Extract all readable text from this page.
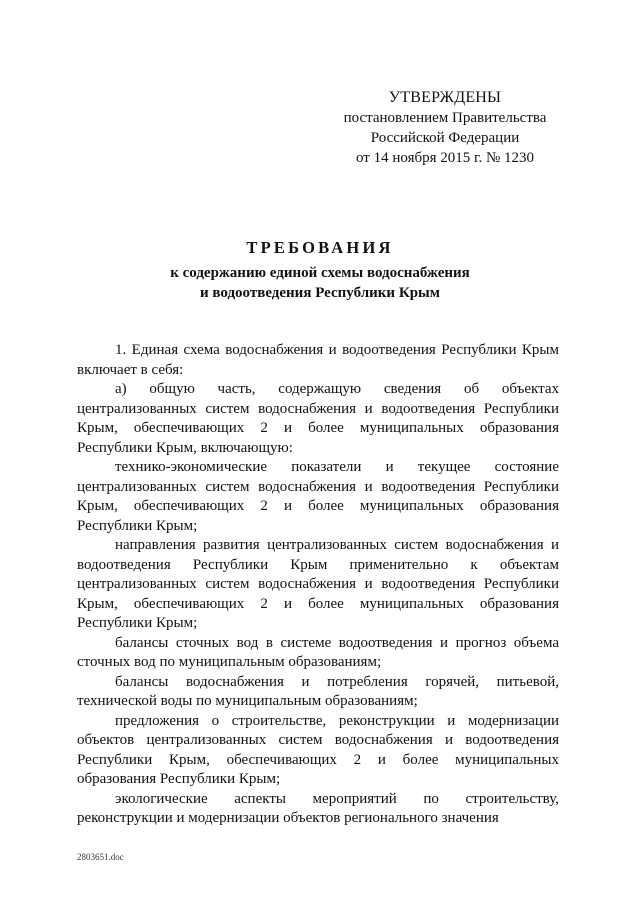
УТВЕРЖДЕНЫ
постановлением Правительства
Российской Федерации
от 14 ноября 2015 г. № 1230
ТРЕБОВАНИЯ
к содержанию единой схемы водоснабжения
и водоотведения Республики Крым

1. Единая схема водоснабжения и водоотведения Республики Крым включает в себя:

а) общую часть, содержащую сведения об объектах централизованных систем водоснабжения и водоотведения Республики Крым, обеспечивающих 2 и более муниципальных образования Республики Крым, включающую:

технико-экономические показатели и текущее состояние централизованных систем водоснабжения и водоотведения Республики Крым, обеспечивающих 2 и более муниципальных образования Республики Крым;

направления развития централизованных систем водоснабжения и водоотведения Республики Крым применительно к объектам централизованных систем водоснабжения и водоотведения Республики Крым, обеспечивающих 2 и более муниципальных образования Республики Крым;

балансы сточных вод в системе водоотведения и прогноз объема сточных вод по муниципальным образованиям;

балансы водоснабжения и потребления горячей, питьевой, технической воды по муниципальным образованиям;

предложения о строительстве, реконструкции и модернизации объектов централизованных систем водоснабжения и водоотведения Республики Крым, обеспечивающих 2 и более муниципальных образования Республики Крым;

экологические аспекты мероприятий по строительству, реконструкции и модернизации объектов регионального значения

2803651.doc
